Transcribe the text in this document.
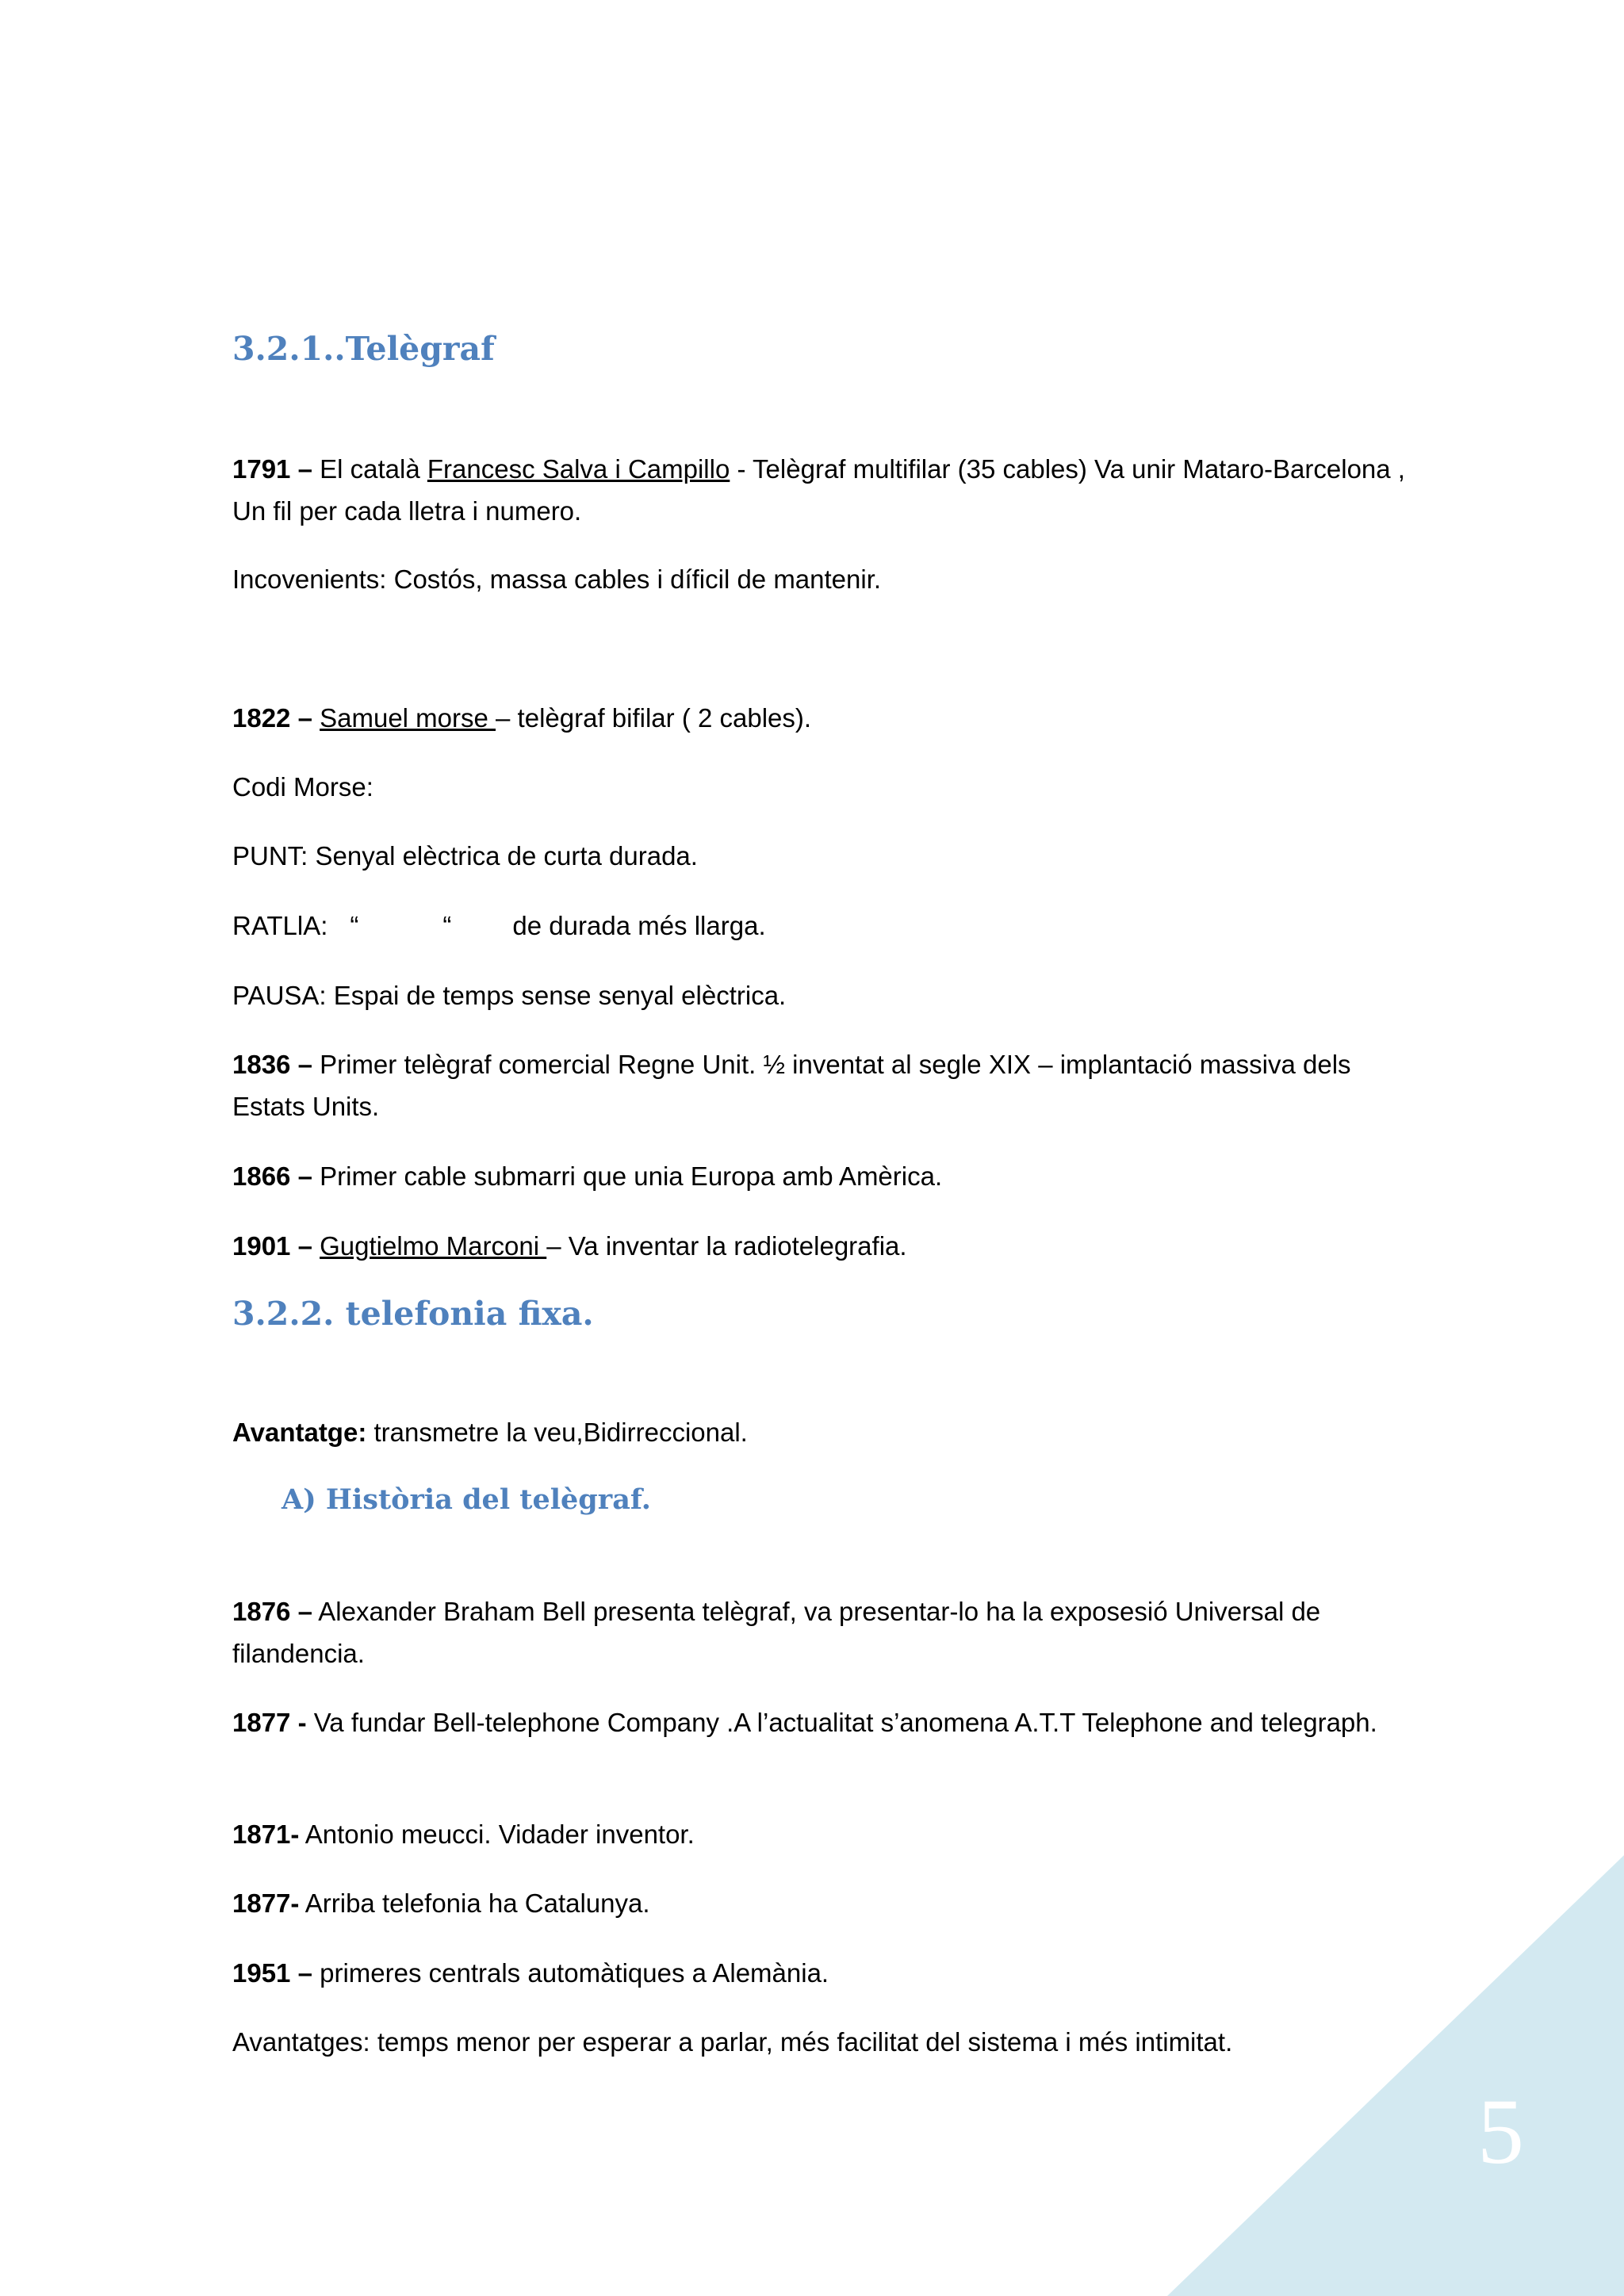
3.2.1..Telègraf

1791 – El català Francesc Salva i Campillo - Telègraf multifilar (35 cables) Va unir Mataro-Barcelona , Un fil per cada lletra i numero.

Incovenients: Costós, massa cables i díficil de mantenir.

1822 – Samuel morse – telègraf bifilar ( 2 cables).

Codi Morse:

PUNT: Senyal elèctrica de curta durada.

RATLlA: “	“ de durada més llarga.

PAUSA: Espai de temps sense senyal elèctrica.

1836 – Primer telègraf comercial Regne Unit. ½ inventat al segle XIX – implantació massiva dels Estats Units.

1866 – Primer cable submarri que unia Europa amb Amèrica.

1901 – Gugtielmo Marconi – Va inventar la radiotelegrafia.

3.2.2. telefonia fixa.

Avantatge: transmetre la veu,Bidirreccional.

A) Història del telègraf.

1876 – Alexander Braham Bell presenta telègraf, va presentar-lo ha la exposesió Universal de filandencia.

1877 - Va fundar Bell-telephone Company .A l’actualitat s’anomena A.T.T Telephone and telegraph.

1871- Antonio meucci. Vidader inventor.

1877- Arriba telefonia ha Catalunya.

1951 – primeres centrals automàtiques a Alemània.

Avantatges: temps menor per esperar a parlar, més facilitat del sistema i més intimitat.

5
